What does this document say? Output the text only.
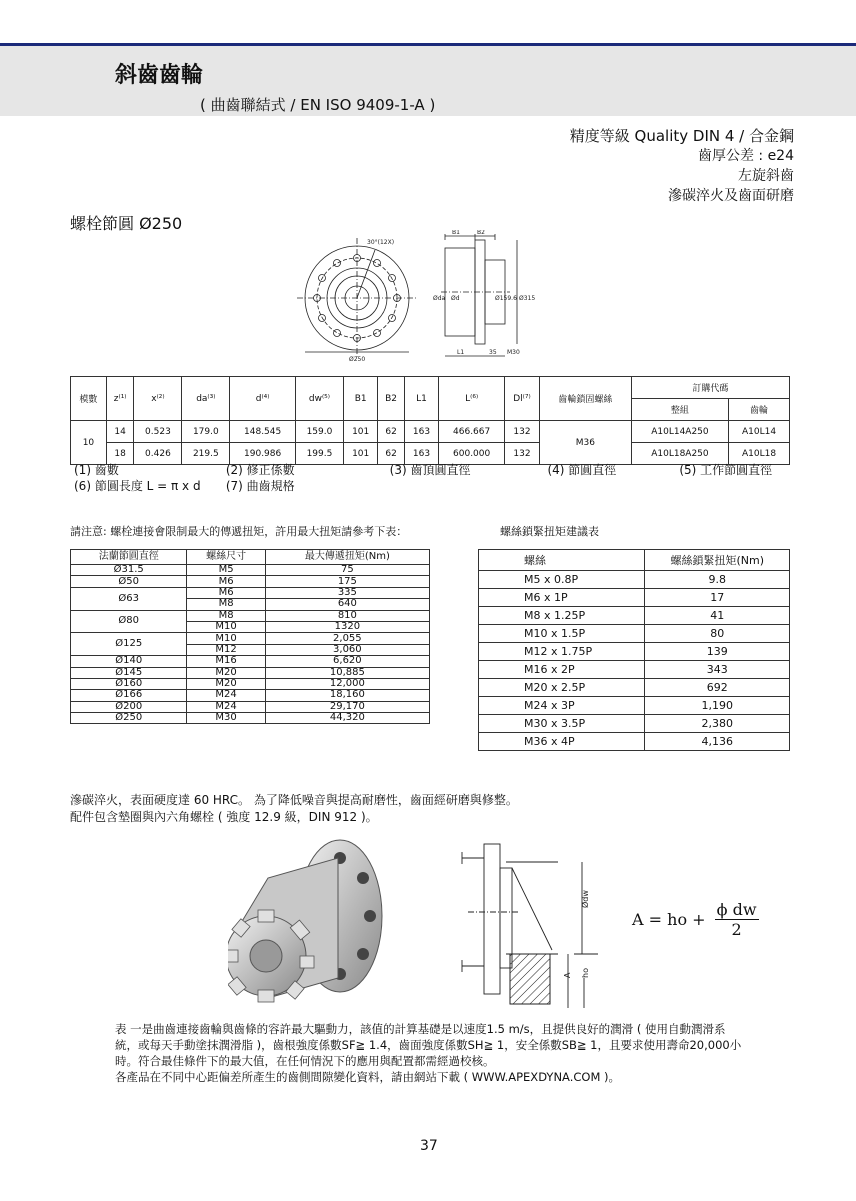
斜齒齒輪
( 曲齒聯結式 / EN ISO 9409-1-A )
精度等級 Quality DIN 4 / 合金鋼
齒厚公差 : e24
左旋斜齒
滲碳淬火及齒面研磨
螺栓節圓 Ø250
30°(12X)
B1	B2
Ø250
L1	35 M30
Ø159.6 Ø315
Øda Ød
模數	z⁽¹⁾	x⁽²⁾	da⁽³⁾	d⁽⁴⁾	dw⁽⁵⁾	B1	B2	L1	L⁽⁶⁾	Dl⁽⁷⁾	齒輪鎖固螺絲	訂購代碼	
												整組	齒輪
10	14	0.523	179.0	148.545	159.0	101	62	163	466.667	132	M36	A10L14A250	A10L14
	18	0.426	219.5	190.986	199.5	101	62	163	600.000	132		A10L18A250	A10L18
(1) 齒數	(2) 修正係數	(3) 齒頂圓直徑	(4) 節圓直徑	(5) 工作節圓直徑
(6) 節圓長度 L = π x d (7) 曲齒規格
請注意: 螺栓連接會限制最大的傳遞扭矩，許用最大扭矩請參考下表：	螺絲鎖緊扭矩建議表
法蘭節圓直徑	螺絲尺寸	最大傳遞扭矩(Nm)
Ø31.5	M5	75
Ø50	M6	175
Ø63	M6	335
	M8	640
Ø80	M8	810
	M10	1320
Ø125	M10	2,055
	M12	3,060
Ø140	M16	6,620
Ø145	M20	10,885
Ø160	M20	12,000
Ø166	M24	18,160
Ø200	M24	29,170
Ø250	M30	44,320
螺絲	螺絲鎖緊扭矩(Nm)
M5 x 0.8P	9.8
M6 x 1P	17
M8 x 1.25P	41
M10 x 1.5P	80
M12 x 1.75P	139
M16 x 2P	343
M20 x 2.5P	692
M24 x 3P	1,190
M30 x 3.5P	2,380
M36 x 4P	4,136
滲碳淬火，表面硬度達 60 HRC。 為了降低噪音與提高耐磨性，齒面經研磨與修整。
配件包含墊圈與內六角螺栓 ( 強度 12.9 級，DIN 912 )。
Ødw
A ho
A = ho + $\frac{\text{ϕ dw}}{2}$
表 一是曲齒連接齒輪與齒條的容許最大驅動力，該值的計算基礎是以速度1.5 m/s，且提供良好的潤滑 ( 使用自動潤滑系統，或每天手動塗抹潤滑脂 )，齒根強度係數SF≧ 1.4，齒面強度係數SH≧ 1，安全係數SB≧ 1，且要求使用壽命20,000小時。符合最佳條件下的最大值，在任何情況下的應用與配置都需經過校核。
各產品在不同中心距偏差所產生的齒側間隙變化資料，請由網站下載 ( WWW.APEXDYNA.COM )。
37
